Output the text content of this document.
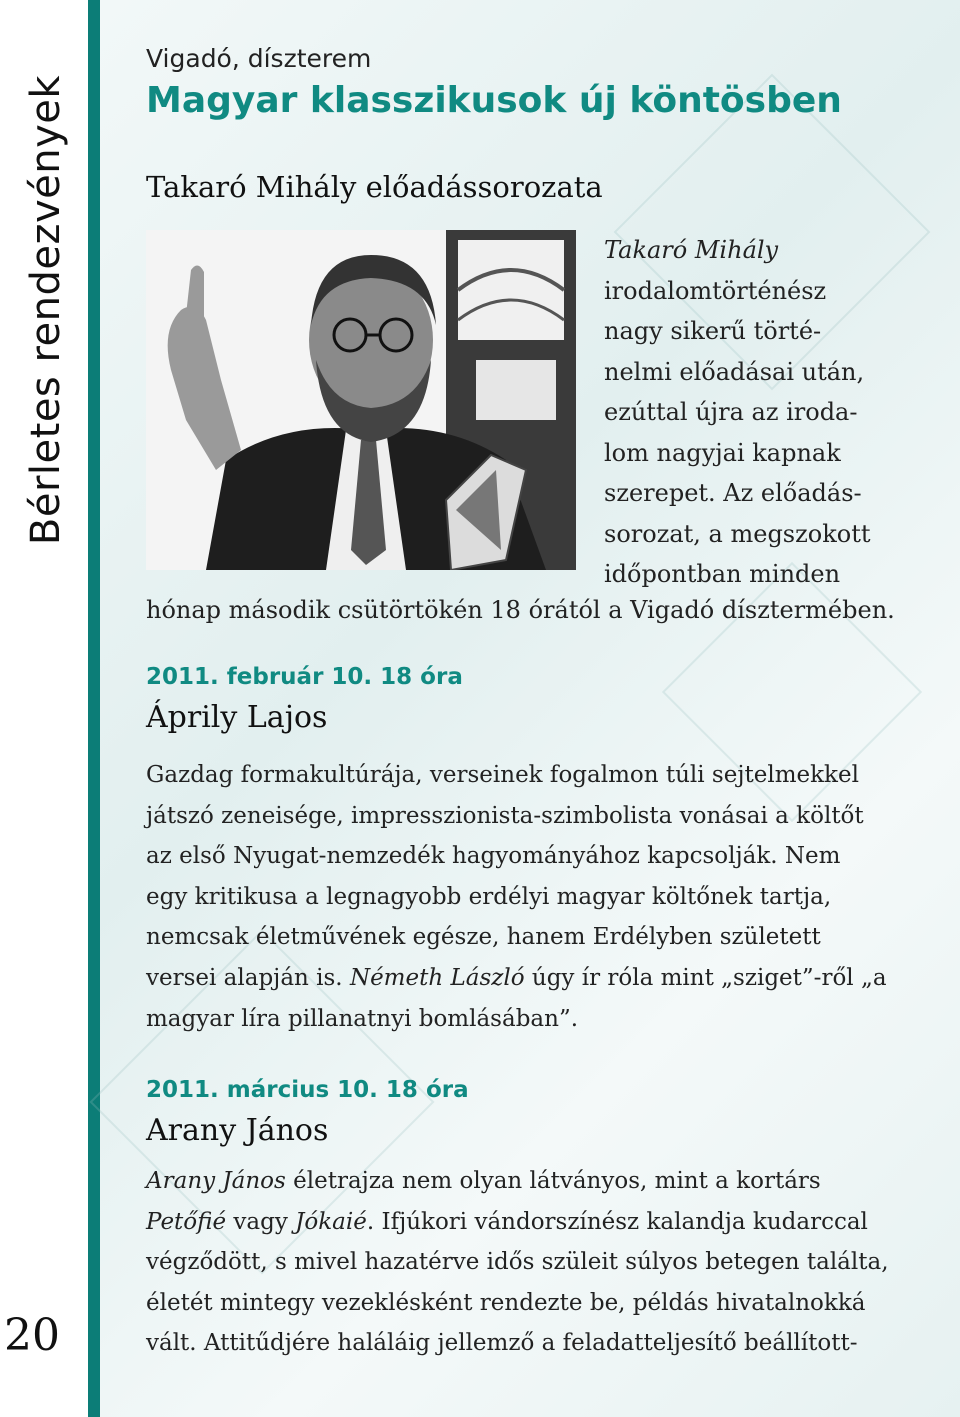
Bérletes rendezvények
20
Vigadó, díszterem
Magyar klasszikusok új köntösben
Takaró Mihály előadássorozata
Takaró Mihály
irodalomtörténész
nagy sikerű törté-
nelmi előadásai után,
ezúttal újra az iroda-
lom nagyjai kapnak
szerepet. Az előadás-
sorozat, a megszokott
időpontban minden
hónap második csütörtökén 18 órától a Vigadó dísztermében.
2011. február 10. 18 óra
Áprily Lajos
Gazdag formakultúrája, verseinek fogalmon túli sejtelmekkel
játszó zeneisége, impresszionista-szimbolista vonásai a költőt
az első Nyugat-nemzedék hagyományához kapcsolják. Nem
egy kritikusa a legnagyobb erdélyi magyar költőnek tartja,
nemcsak életművének egésze, hanem Erdélyben született
versei alapján is. Németh László úgy ír róla mint „sziget”-ről „a
magyar líra pillanatnyi bomlásában”.
2011. március 10. 18 óra
Arany János
Arany János életrajza nem olyan látványos, mint a kortárs
Petőfié vagy Jókaié. Ifjúkori vándorszínész kalandja kudarccal
végződött, s mivel hazatérve idős szüleit súlyos betegen találta,
életét mintegy vezeklésként rendezte be, példás hivatalnokká
vált. Attitűdjére haláláig jellemző a feladatteljesítő beállított-
